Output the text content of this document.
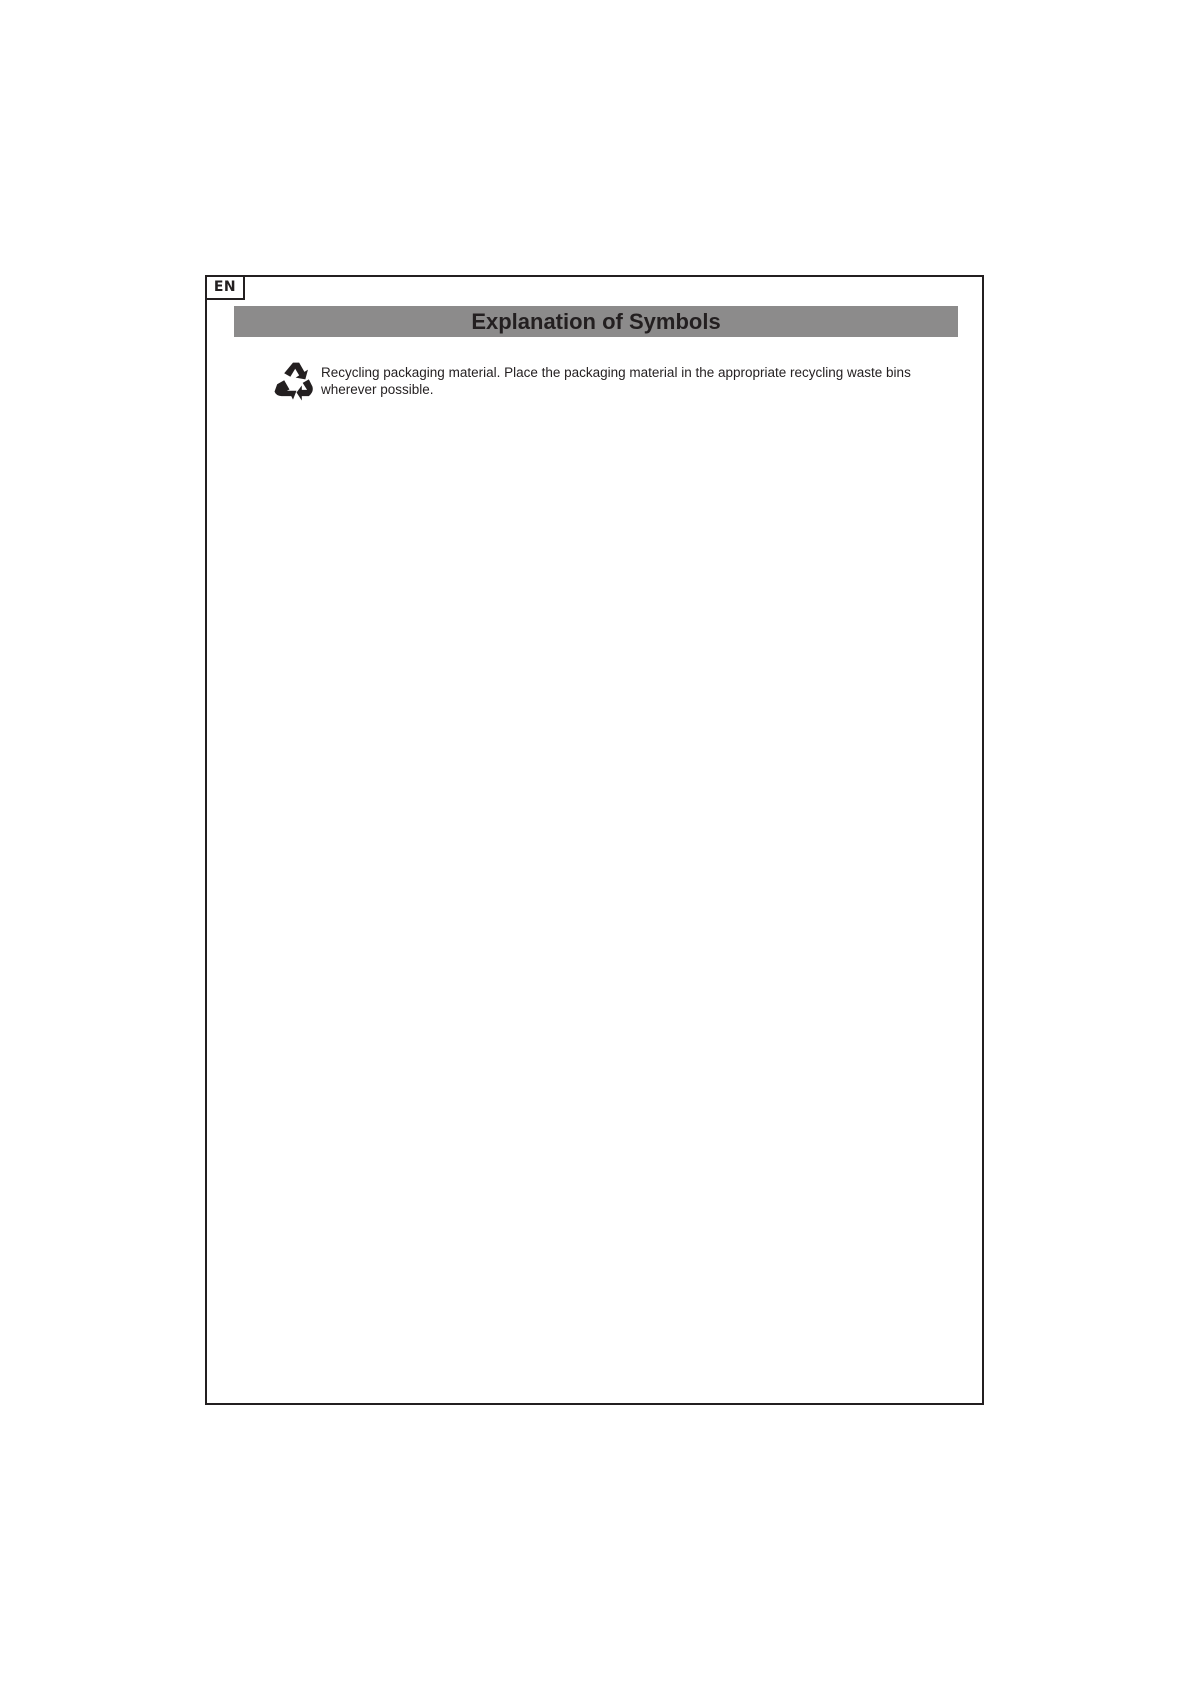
EN
Explanation of Symbols
Recycling packaging material. Place the packaging material in the appropriate recycling waste bins wherever possible.
